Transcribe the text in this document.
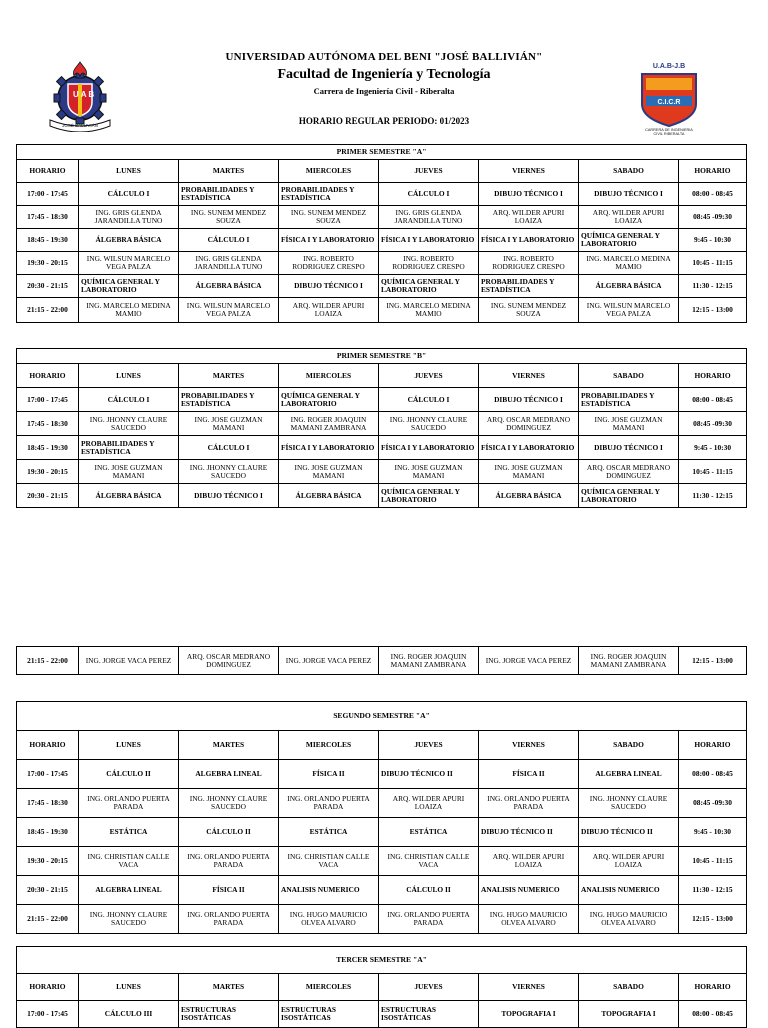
U A B
JOSÉ BALLIVIÁN
UNIVERSIDAD AUTÓNOMA DEL BENI "JOSÉ BALLIVIÁN"
Facultad de Ingeniería y Tecnología
Carrera de Ingeniería Civil - Riberalta
HORARIO REGULAR PERIODO: 01/2023
U.A.B-J.B
C.I.C.R
CARRERA DE INGENIERIA
CIVIL RIBERALTA
PRIMER SEMESTRE "A"							
HORARIO	LUNES	MARTES	MIERCOLES	JUEVES	VIERNES	SABADO	HORARIO
17:00 - 17:45	CÁLCULO I	PROBABILIDADES Y ESTADÍSTICA	PROBABILIDADES Y ESTADÍSTICA	CÁLCULO I	DIBUJO TÉCNICO I	DIBUJO TÉCNICO I	08:00 - 08:45
17:45 - 18:30	ING. GRIS GLENDA JARANDILLA TUNO	ING. SUNEM MENDEZ SOUZA	ING. SUNEM MENDEZ SOUZA	ING. GRIS GLENDA JARANDILLA TUNO	ARQ. WILDER APURI LOAIZA	ARQ. WILDER APURI LOAIZA	08:45 -09:30
18:45 - 19:30	ÁLGEBRA BÁSICA	CÁLCULO I	FÍSICA I Y LABORATORIO	FÍSICA I Y LABORATORIO	FÍSICA I Y LABORATORIO	QUÍMICA GENERAL Y LABORATORIO	9:45 - 10:30
19:30 - 20:15	ING. WILSUN MARCELO VEGA PALZA	ING. GRIS GLENDA JARANDILLA TUNO	ING. ROBERTO RODRIGUEZ CRESPO	ING. ROBERTO RODRIGUEZ CRESPO	ING. ROBERTO RODRIGUEZ CRESPO	ING. MARCELO MEDINA MAMIO	10:45 - 11:15
20:30 - 21:15	QUÍMICA GENERAL Y LABORATORIO	ÁLGEBRA BÁSICA	DIBUJO TÉCNICO I	QUÍMICA GENERAL Y LABORATORIO	PROBABILIDADES Y ESTADÍSTICA	ÁLGEBRA BÁSICA	11:30 - 12:15
21:15 - 22:00	ING. MARCELO MEDINA MAMIO	ING. WILSUN MARCELO VEGA PALZA	ARQ. WILDER APURI LOAIZA	ING. MARCELO MEDINA MAMIO	ING. SUNEM MENDEZ SOUZA	ING. WILSUN MARCELO VEGA PALZA	12:15 - 13:00
PRIMER SEMESTRE "B"							
HORARIO	LUNES	MARTES	MIERCOLES	JUEVES	VIERNES	SABADO	HORARIO
17:00 - 17:45	CÁLCULO I	PROBABILIDADES Y ESTADÍSTICA	QUÍMICA GENERAL Y LABORATORIO	CÁLCULO I	DIBUJO TÉCNICO I	PROBABILIDADES Y ESTADÍSTICA	08:00 - 08:45
17:45 - 18:30	ING. JHONNY CLAURE SAUCEDO	ING. JOSE GUZMAN MAMANI	ING. ROGER JOAQUIN MAMANI ZAMBRANA	ING. JHONNY CLAURE SAUCEDO	ARQ. OSCAR MEDRANO DOMINGUEZ	ING. JOSE GUZMAN MAMANI	08:45 -09:30
18:45 - 19:30	PROBABILIDADES Y ESTADÍSTICA	CÁLCULO I	FÍSICA I Y LABORATORIO	FÍSICA I Y LABORATORIO	FÍSICA I Y LABORATORIO	DIBUJO TÉCNICO I	9:45 - 10:30
19:30 - 20:15	ING. JOSE GUZMAN MAMANI	ING. JHONNY CLAURE SAUCEDO	ING. JOSE GUZMAN MAMANI	ING. JOSE GUZMAN MAMANI	ING. JOSE GUZMAN MAMANI	ARQ. OSCAR MEDRANO DOMINGUEZ	10:45 - 11:15
20:30 - 21:15	ÁLGEBRA BÁSICA	DIBUJO TÉCNICO I	ÁLGEBRA BÁSICA	QUÍMICA GENERAL Y LABORATORIO	ÁLGEBRA BÁSICA	QUÍMICA GENERAL Y LABORATORIO	11:30 - 12:15
21:15 - 22:00	ING. JORGE VACA PEREZ	ARQ. OSCAR MEDRANO DOMINGUEZ	ING. JORGE VACA PEREZ	ING. ROGER JOAQUIN MAMANI ZAMBRANA	ING. JORGE VACA PEREZ	ING. ROGER JOAQUIN MAMANI ZAMBRANA	12:15 - 13:00
SEGUNDO SEMESTRE "A"							
HORARIO	LUNES	MARTES	MIERCOLES	JUEVES	VIERNES	SABADO	HORARIO
17:00 - 17:45	CÁLCULO II	ALGEBRA LINEAL	FÍSICA II	DIBUJO TÉCNICO II	FÍSICA II	ALGEBRA LINEAL	08:00 - 08:45
17:45 - 18:30	ING. ORLANDO PUERTA PARADA	ING. JHONNY CLAURE SAUCEDO	ING. ORLANDO PUERTA PARADA	ARQ. WILDER APURI LOAIZA	ING. ORLANDO PUERTA PARADA	ING. JHONNY CLAURE SAUCEDO	08:45 -09:30
18:45 - 19:30	ESTÁTICA	CÁLCULO II	ESTÁTICA	ESTÁTICA	DIBUJO TÉCNICO II	DIBUJO TÉCNICO II	9:45 - 10:30
19:30 - 20:15	ING. CHRISTIAN CALLE VACA	ING. ORLANDO PUERTA PARADA	ING. CHRISTIAN CALLE VACA	ING. CHRISTIAN CALLE VACA	ARQ. WILDER APURI LOAIZA	ARQ. WILDER APURI LOAIZA	10:45 - 11:15
20:30 - 21:15	ALGEBRA LINEAL	FÍSICA II	ANALISIS NUMERICO	CÁLCULO II	ANALISIS NUMERICO	ANALISIS NUMERICO	11:30 - 12:15
21:15 - 22:00	ING. JHONNY CLAURE SAUCEDO	ING. ORLANDO PUERTA PARADA	ING. HUGO MAURICIO OLVEA ALVARO	ING. ORLANDO PUERTA PARADA	ING. HUGO MAURICIO OLVEA ALVARO	ING. HUGO MAURICIO OLVEA ALVARO	12:15 - 13:00
TERCER SEMESTRE "A"							
HORARIO	LUNES	MARTES	MIERCOLES	JUEVES	VIERNES	SABADO	HORARIO
17:00 - 17:45	CÁLCULO III	ESTRUCTURAS ISOSTÁTICAS	ESTRUCTURAS ISOSTÁTICAS	ESTRUCTURAS ISOSTÁTICAS	TOPOGRAFIA I	TOPOGRAFIA I	08:00 - 08:45
